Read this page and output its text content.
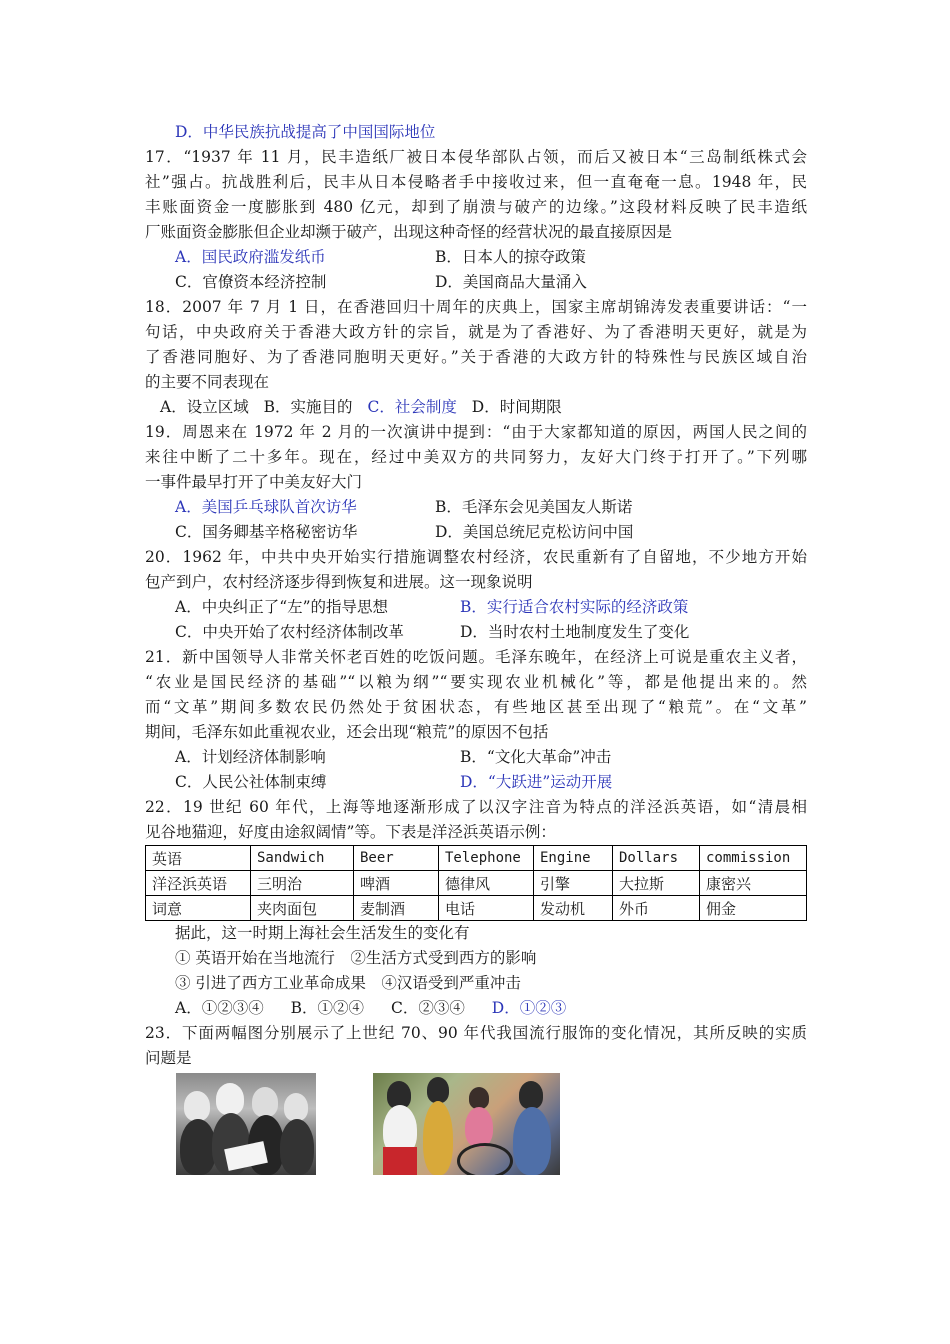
D．中华民族抗战提高了中国国际地位
17．“1937 年 11 月，民丰造纸厂被日本侵华部队占领，而后又被日本“三岛制纸株式会
社”强占。抗战胜利后，民丰从日本侵略者手中接收过来，但一直奄奄一息。1948 年，民
丰账面资金一度膨胀到 480 亿元，却到了崩溃与破产的边缘。”这段材料反映了民丰造纸
厂账面资金膨胀但企业却濒于破产，出现这种奇怪的经营状况的最直接原因是
A．国民政府滥发纸币	B．日本人的掠夺政策
C．官僚资本经济控制	D．美国商品大量涌入
18．2007 年 7 月 1 日，在香港回归十周年的庆典上，国家主席胡锦涛发表重要讲话：“一
句话，中央政府关于香港大政方针的宗旨，就是为了香港好、为了香港明天更好，就是为
了香港同胞好、为了香港同胞明天更好。”关于香港的大政方针的特殊性与民族区域自治
的主要不同表现在
A．设立区域 B．实施目的 C．社会制度 D．时间期限
19．周恩来在 1972 年 2 月的一次演讲中提到：“由于大家都知道的原因，两国人民之间的
来往中断了二十多年。现在，经过中美双方的共同努力，友好大门终于打开了。”下列哪
一事件最早打开了中美友好大门
A．美国乒乓球队首次访华	B．毛泽东会见美国友人斯诺
C．国务卿基辛格秘密访华	D．美国总统尼克松访问中国
20．1962 年，中共中央开始实行措施调整农村经济，农民重新有了自留地，不少地方开始
包产到户，农村经济逐步得到恢复和进展。这一现象说明
A．中央纠正了“左”的指导思想	B．实行适合农村实际的经济政策
C．中央开始了农村经济体制改革	D．当时农村土地制度发生了变化
21．新中国领导人非常关怀老百姓的吃饭问题。毛泽东晚年，在经济上可说是重农主义者，
“农业是国民经济的基础”“以粮为纲”“要实现农业机械化”等，都是他提出来的。然
而“文革”期间多数农民仍然处于贫困状态，有些地区甚至出现了“粮荒”。在“文革”
期间，毛泽东如此重视农业，还会出现“粮荒”的原因不包括
A．计划经济体制影响	B．“文化大革命”冲击
C．人民公社体制束缚	D．“大跃进”运动开展
22．19 世纪 60 年代，上海等地逐渐形成了以汉字注音为特点的洋泾浜英语，如“清晨相
见谷地猫迎，好度由途叙阔情”等。下表是洋泾浜英语示例：
英语	Sandwich	Beer	Telephone	Engine	Dollars	commission
洋泾浜英语	三明治	啤酒	德律风	引擎	大拉斯	康密兴
词意	夹肉面包	麦制酒	电话	发动机	外币	佣金
据此，这一时期上海社会生活发生的变化有
① 英语开始在当地流行　②生活方式受到西方的影响
③ 引进了西方工业革命成果　④汉语受到严重冲击
A．①②③④ B．①②④ C．②③④ D．①②③
23．下面两幅图分别展示了上世纪 70、90 年代我国流行服饰的变化情况，其所反映的实质
问题是
